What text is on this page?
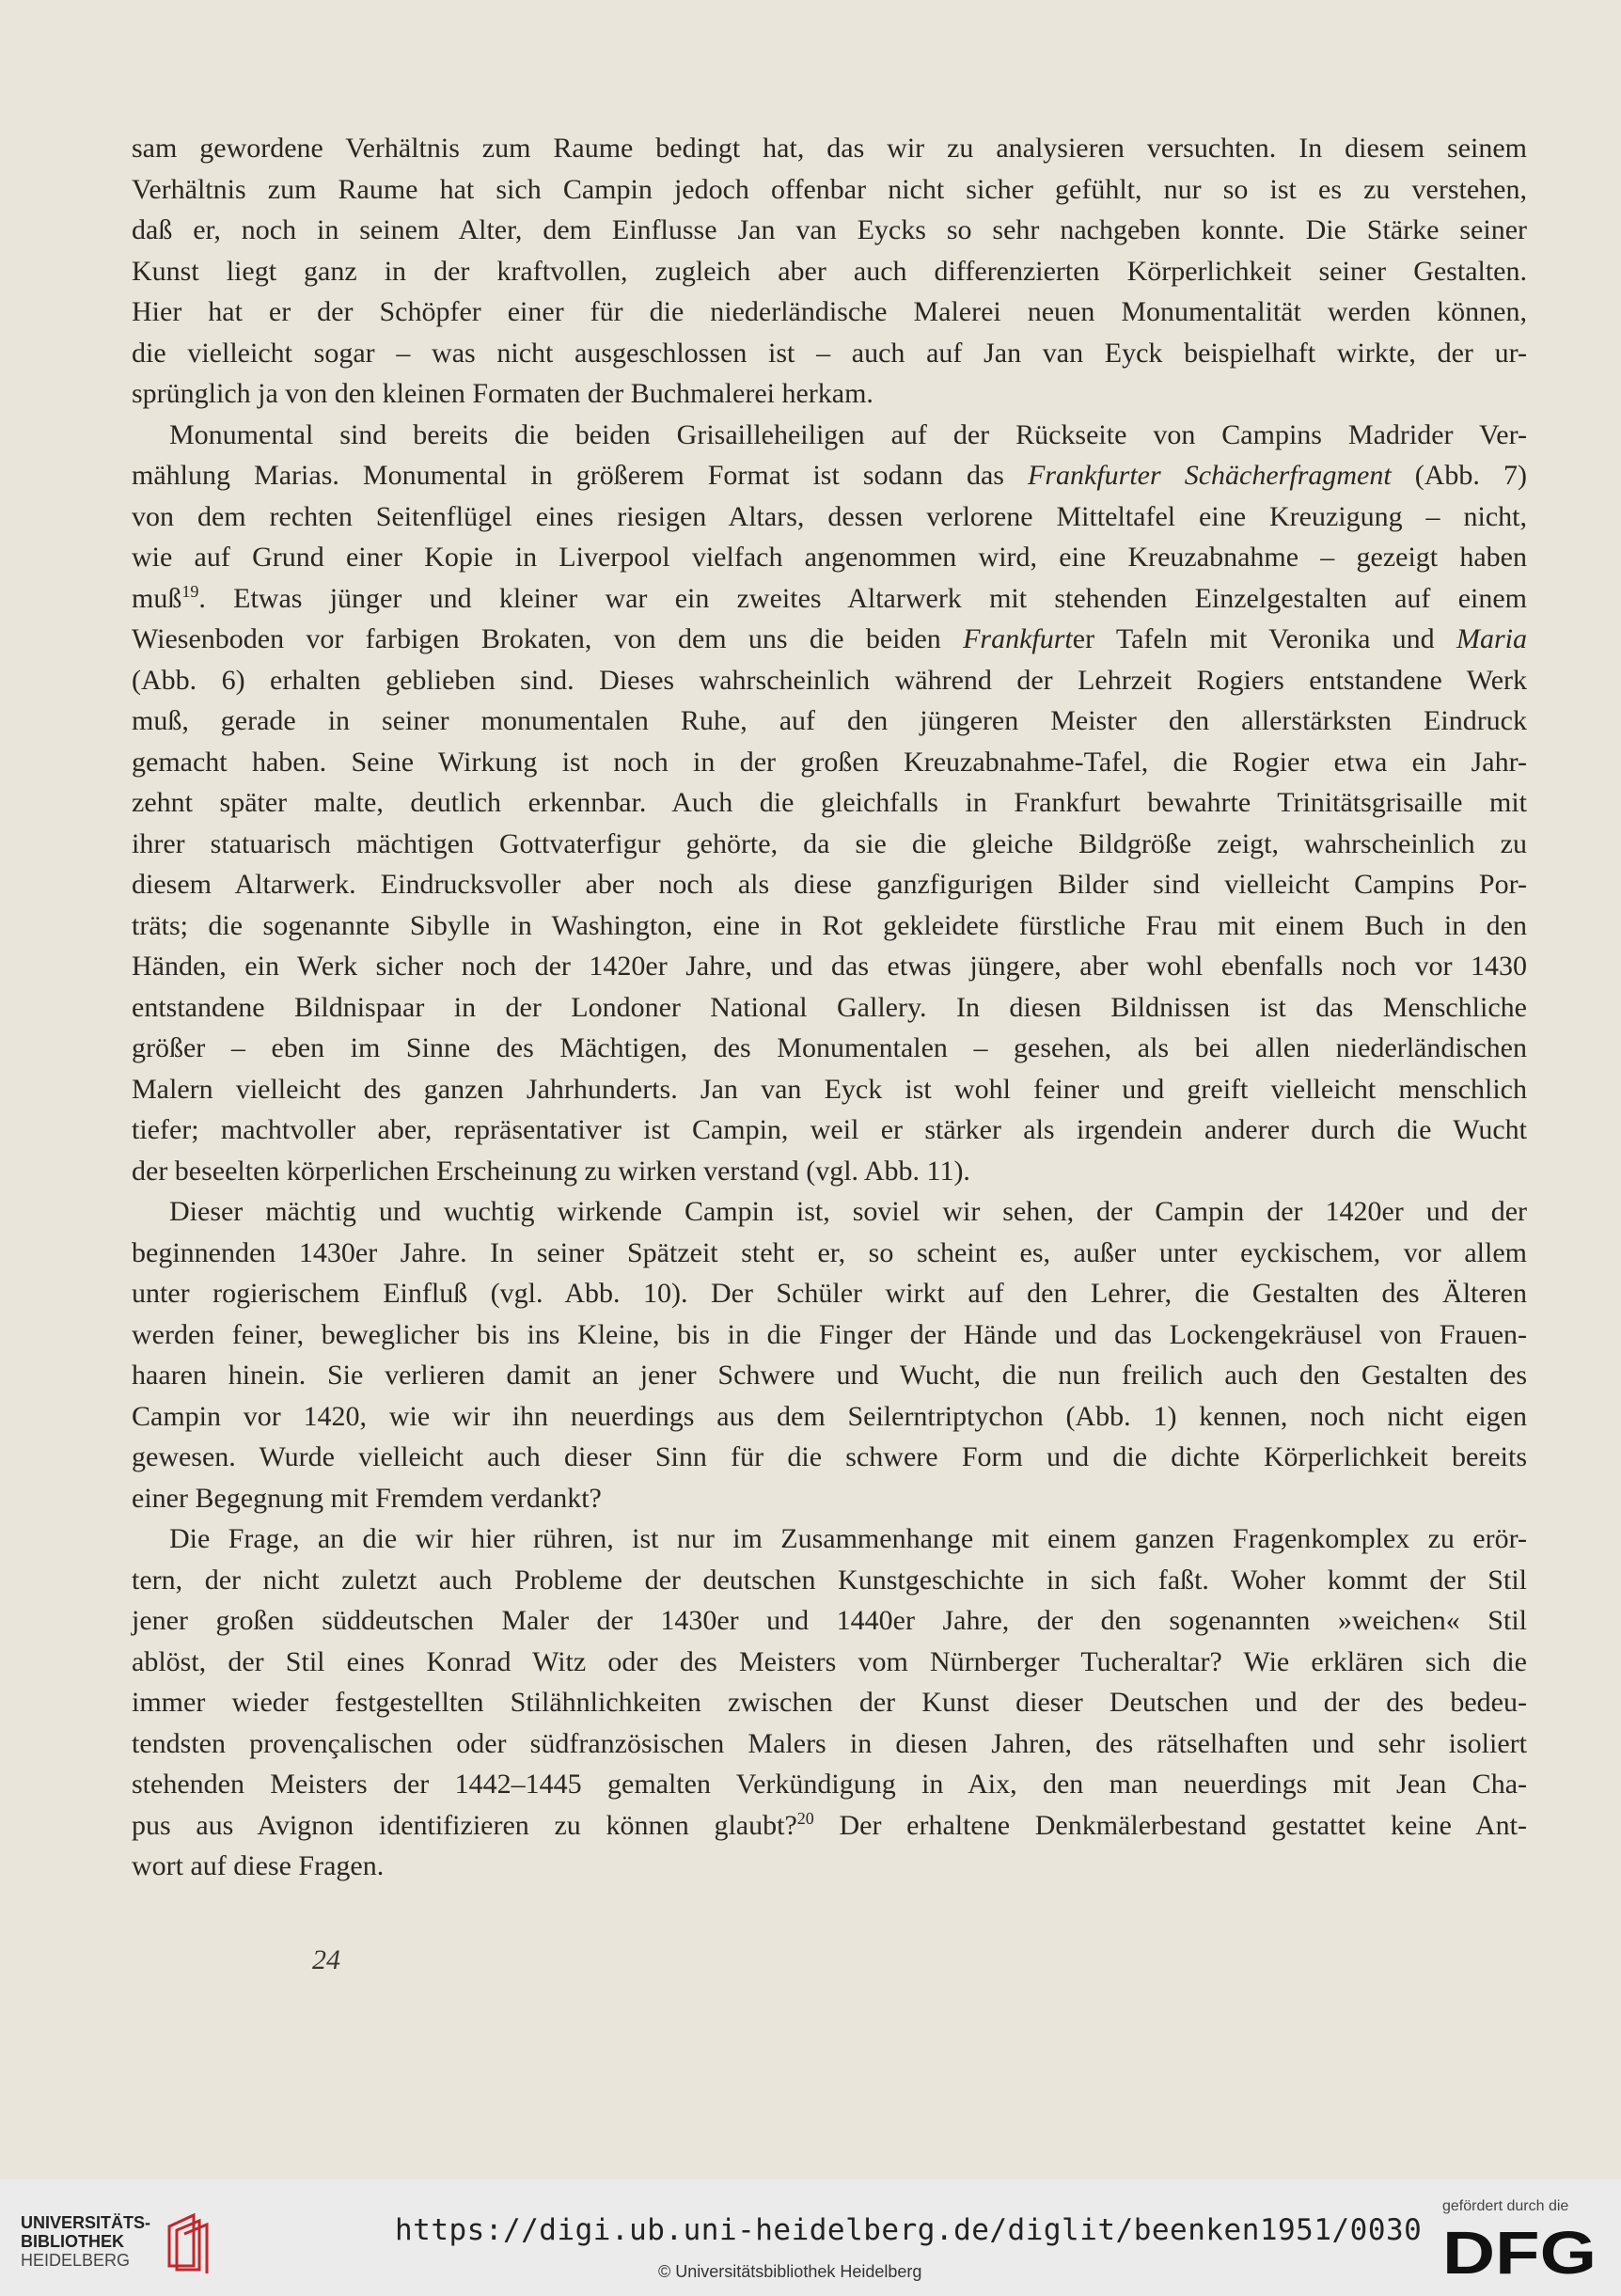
sam gewordene Verhältnis zum Raume bedingt hat, das wir zu analysieren versuchten. In diesem seinem
Verhältnis zum Raume hat sich Campin jedoch offenbar nicht sicher gefühlt, nur so ist es zu verstehen,
daß er, noch in seinem Alter, dem Einflusse Jan van Eycks so sehr nachgeben konnte. Die Stärke seiner
Kunst liegt ganz in der kraftvollen, zugleich aber auch differenzierten Körperlichkeit seiner Gestalten.
Hier hat er der Schöpfer einer für die niederländische Malerei neuen Monumentalität werden können,
die vielleicht sogar – was nicht ausgeschlossen ist – auch auf Jan van Eyck beispielhaft wirkte, der ur-
sprünglich ja von den kleinen Formaten der Buchmalerei herkam.
Monumental sind bereits die beiden Grisailleheiligen auf der Rückseite von Campins Madrider Ver-
mählung Marias. Monumental in größerem Format ist sodann das Frankfurter Schächerfragment (Abb. 7)
von dem rechten Seitenflügel eines riesigen Altars, dessen verlorene Mitteltafel eine Kreuzigung – nicht,
wie auf Grund einer Kopie in Liverpool vielfach angenommen wird, eine Kreuzabnahme – gezeigt haben
muß$^{19}$. Etwas jünger und kleiner war ein zweites Altarwerk mit stehenden Einzelgestalten auf einem
Wiesenboden vor farbigen Brokaten, von dem uns die beiden Frankfurter Tafeln mit Veronika und Maria
(Abb. 6) erhalten geblieben sind. Dieses wahrscheinlich während der Lehrzeit Rogiers entstandene Werk
muß, gerade in seiner monumentalen Ruhe, auf den jüngeren Meister den allerstärksten Eindruck
gemacht haben. Seine Wirkung ist noch in der großen Kreuzabnahme-Tafel, die Rogier etwa ein Jahr-
zehnt später malte, deutlich erkennbar. Auch die gleichfalls in Frankfurt bewahrte Trinitätsgrisaille mit
ihrer statuarisch mächtigen Gottvaterfigur gehörte, da sie die gleiche Bildgröße zeigt, wahrscheinlich zu
diesem Altarwerk. Eindrucksvoller aber noch als diese ganzfigurigen Bilder sind vielleicht Campins Por-
träts; die sogenannte Sibylle in Washington, eine in Rot gekleidete fürstliche Frau mit einem Buch in den
Händen, ein Werk sicher noch der 1420er Jahre, und das etwas jüngere, aber wohl ebenfalls noch vor 1430
entstandene Bildnispaar in der Londoner National Gallery. In diesen Bildnissen ist das Menschliche
größer – eben im Sinne des Mächtigen, des Monumentalen – gesehen, als bei allen niederländischen
Malern vielleicht des ganzen Jahrhunderts. Jan van Eyck ist wohl feiner und greift vielleicht menschlich
tiefer; machtvoller aber, repräsentativer ist Campin, weil er stärker als irgendein anderer durch die Wucht
der beseelten körperlichen Erscheinung zu wirken verstand (vgl. Abb. 11).
Dieser mächtig und wuchtig wirkende Campin ist, soviel wir sehen, der Campin der 1420er und der
beginnenden 1430er Jahre. In seiner Spätzeit steht er, so scheint es, außer unter eyckischem, vor allem
unter rogierischem Einfluß (vgl. Abb. 10). Der Schüler wirkt auf den Lehrer, die Gestalten des Älteren
werden feiner, beweglicher bis ins Kleine, bis in die Finger der Hände und das Lockengekräusel von Frauen-
haaren hinein. Sie verlieren damit an jener Schwere und Wucht, die nun freilich auch den Gestalten des
Campin vor 1420, wie wir ihn neuerdings aus dem Seilerntriptychon (Abb. 1) kennen, noch nicht eigen
gewesen. Wurde vielleicht auch dieser Sinn für die schwere Form und die dichte Körperlichkeit bereits
einer Begegnung mit Fremdem verdankt?
Die Frage, an die wir hier rühren, ist nur im Zusammenhange mit einem ganzen Fragenkomplex zu erör-
tern, der nicht zuletzt auch Probleme der deutschen Kunstgeschichte in sich faßt. Woher kommt der Stil
jener großen süddeutschen Maler der 1430er und 1440er Jahre, der den sogenannten »weichen« Stil
ablöst, der Stil eines Konrad Witz oder des Meisters vom Nürnberger Tucheraltar? Wie erklären sich die
immer wieder festgestellten Stilähnlichkeiten zwischen der Kunst dieser Deutschen und der des bedeu-
tendsten provençalischen oder südfranzösischen Malers in diesen Jahren, des rätselhaften und sehr isoliert
stehenden Meisters der 1442–1445 gemalten Verkündigung in Aix, den man neuerdings mit Jean Cha-
pus aus Avignon identifizieren zu können glaubt?$^{20}$ Der erhaltene Denkmälerbestand gestattet keine Ant-
wort auf diese Fragen.
24
UNIVERSITÄTS-
BIBLIOTHEK
HEIDELBERG
https://digi.ub.uni-heidelberg.de/diglit/beenken1951/0030
© Universitätsbibliothek Heidelberg
gefördert durch die
DFG
